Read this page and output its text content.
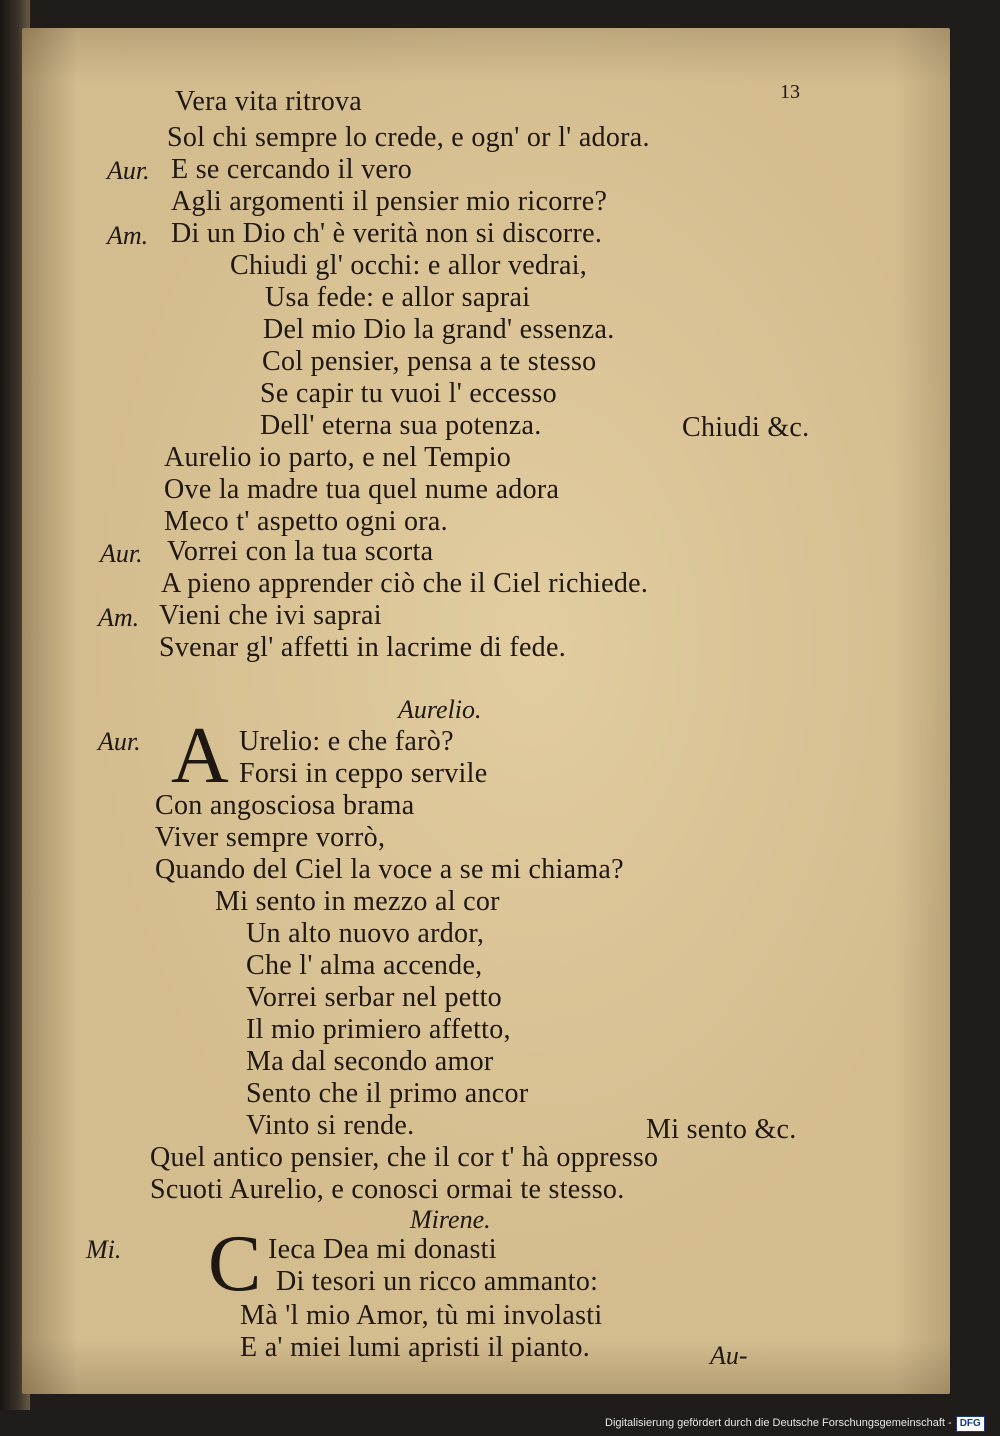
13
Vera vita ritrova
Sol chi sempre lo crede, e ogn' or l' adora.
Aur. E se cercando il vero
Agli argomenti il pensier mio ricorre?
Am. Di un Dio ch' è verità non si discorre.
Chiudi gl' occhi: e allor vedrai,
Usa fede: e allor saprai
Del mio Dio la grand' essenza.
Col pensier, pensa a te stesso
Se capir tu vuoi l' eccesso
Dell' eterna sua potenza.	Chiudi &c.
Aurelio io parto, e nel Tempio
Ove la madre tua quel nume adora
Meco t' aspetto ogni ora.
Aur. Vorrei con la tua scorta
A pieno apprender ciò che il Ciel richiede.
Am. Vieni che ivi saprai
Svenar gl' affetti in lacrime di fede.
Aurelio.
Aur. A Urelio: e che farò?
Forsi in ceppo servile
Con angosciosa brama
Viver sempre vorrò,
Quando del Ciel la voce a se mi chiama?
Mi sento in mezzo al cor
Un alto nuovo ardor,
Che l' alma accende,
Vorrei serbar nel petto
Il mio primiero affetto,
Ma dal secondo amor
Sento che il primo ancor
Vinto si rende.	Mi sento &c.
Quel antico pensier, che il cor t' hà oppresso
Scuoti Aurelio, e conosci ormai te stesso.
Mirene.
Mi. C Ieca Dea mi donasti
Di tesori un ricco ammanto:
Mà 'l mio Amor, tù mi involasti
E a' miei lumi apristi il pianto.	Au-
Digitalisierung gefördert durch die Deutsche Forschungsgemeinschaft - DFG
